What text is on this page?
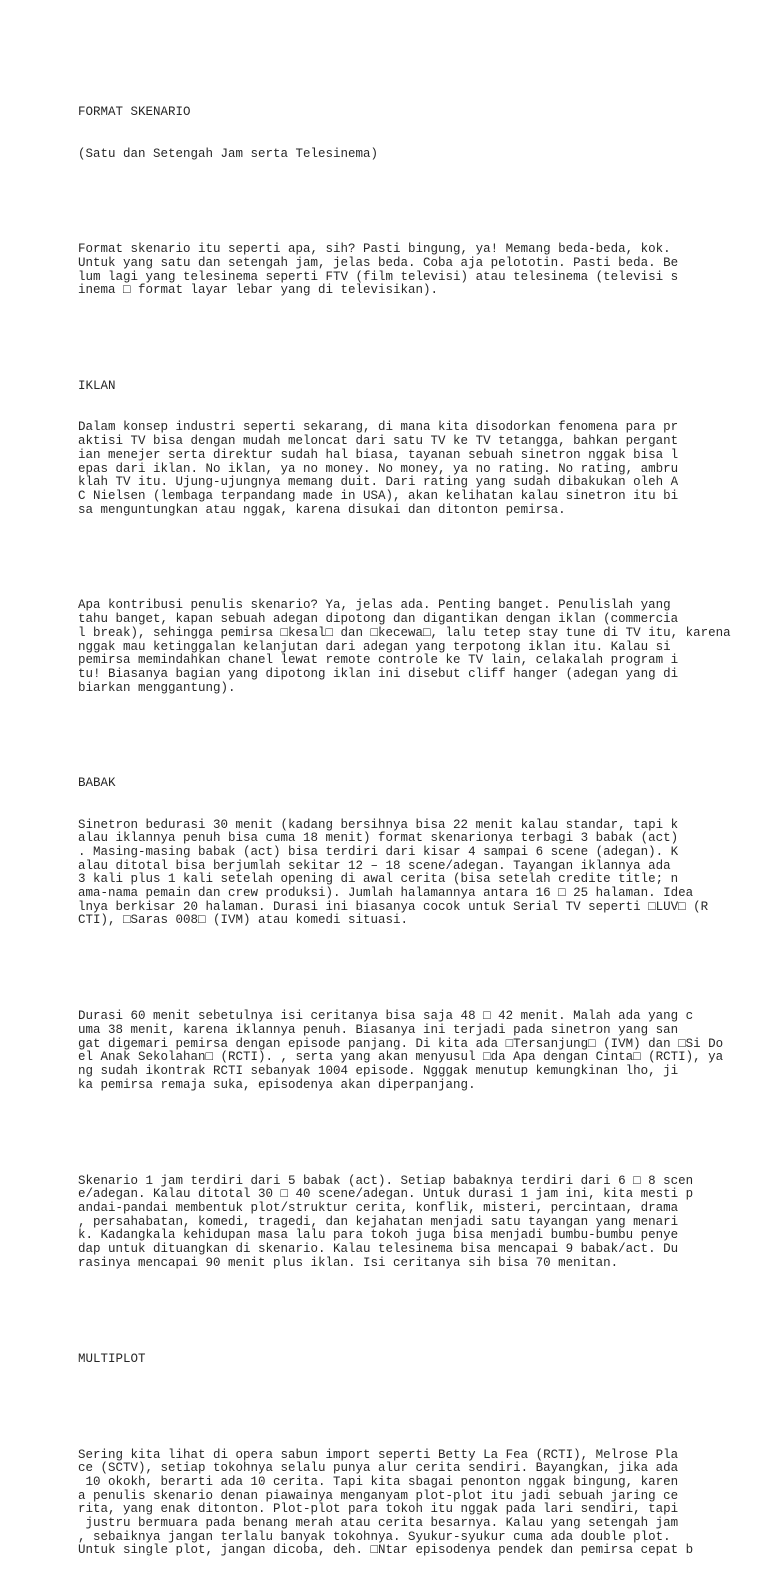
FORMAT SKENARIO

(Satu dan Setengah Jam serta Telesinema)

Format skenario itu seperti apa, sih? Pasti bingung, ya! Memang beda-beda, kok.
Untuk yang satu dan setengah jam, jelas beda. Coba aja pelototin. Pasti beda. Be
lum lagi yang telesinema seperti FTV (film televisi) atau telesinema (televisi s
inema □ format layar lebar yang di televisikan).

IKLAN

Dalam konsep industri seperti sekarang, di mana kita disodorkan fenomena para pr
aktisi TV bisa dengan mudah meloncat dari satu TV ke TV tetangga, bahkan pergant
ian menejer serta direktur sudah hal biasa, tayanan sebuah sinetron nggak bisa l
epas dari iklan. No iklan, ya no money. No money, ya no rating. No rating, ambru
klah TV itu. Ujung-ujungnya memang duit. Dari rating yang sudah dibakukan oleh A
C Nielsen (lembaga terpandang made in USA), akan kelihatan kalau sinetron itu bi
sa menguntungkan atau nggak, karena disukai dan ditonton pemirsa.

Apa kontribusi penulis skenario? Ya, jelas ada. Penting banget. Penulislah yang
tahu banget, kapan sebuah adegan dipotong dan digantikan dengan iklan (commercia
l break), sehingga pemirsa □kesal□ dan □kecewa□, lalu tetep stay tune di TV itu, karena
nggak mau ketinggalan kelanjutan dari adegan yang terpotong iklan itu. Kalau si
pemirsa memindahkan chanel lewat remote controle ke TV lain, celakalah program i
tu! Biasanya bagian yang dipotong iklan ini disebut cliff hanger (adegan yang di
biarkan menggantung).

BABAK

Sinetron bedurasi 30 menit (kadang bersihnya bisa 22 menit kalau standar, tapi k
alau iklannya penuh bisa cuma 18 menit) format skenarionya terbagi 3 babak (act)
. Masing-masing babak (act) bisa terdiri dari kisar 4 sampai 6 scene (adegan). K
alau ditotal bisa berjumlah sekitar 12 – 18 scene/adegan. Tayangan iklannya ada
3 kali plus 1 kali setelah opening di awal cerita (bisa setelah credite title; n
ama-nama pemain dan crew produksi). Jumlah halamannya antara 16 □ 25 halaman. Idea
lnya berkisar 20 halaman. Durasi ini biasanya cocok untuk Serial TV seperti □LUV□ (R
CTI), □Saras 008□ (IVM) atau komedi situasi.

Durasi 60 menit sebetulnya isi ceritanya bisa saja 48 □ 42 menit. Malah ada yang c
uma 38 menit, karena iklannya penuh. Biasanya ini terjadi pada sinetron yang san
gat digemari pemirsa dengan episode panjang. Di kita ada □Tersanjung□ (IVM) dan □Si Do
el Anak Sekolahan□ (RCTI). , serta yang akan menyusul □da Apa dengan Cinta□ (RCTI), ya
ng sudah ikontrak RCTI sebanyak 1004 episode. Ngggak menutup kemungkinan lho, ji
ka pemirsa remaja suka, episodenya akan diperpanjang.

Skenario 1 jam terdiri dari 5 babak (act). Setiap babaknya terdiri dari 6 □ 8 scen
e/adegan. Kalau ditotal 30 □ 40 scene/adegan. Untuk durasi 1 jam ini, kita mesti p
andai-pandai membentuk plot/struktur cerita, konflik, misteri, percintaan, drama
, persahabatan, komedi, tragedi, dan kejahatan menjadi satu tayangan yang menari
k. Kadangkala kehidupan masa lalu para tokoh juga bisa menjadi bumbu-bumbu penye
dap untuk dituangkan di skenario. Kalau telesinema bisa mencapai 9 babak/act. Du
rasinya mencapai 90 menit plus iklan. Isi ceritanya sih bisa 70 menitan.

MULTIPLOT

Sering kita lihat di opera sabun import seperti Betty La Fea (RCTI), Melrose Pla
ce (SCTV), setiap tokohnya selalu punya alur cerita sendiri. Bayangkan, jika ada
10 okokh, berarti ada 10 cerita. Tapi kita sbagai penonton nggak bingung, karen
a penulis skenario denan piawainya menganyam plot-plot itu jadi sebuah jaring ce
rita, yang enak ditonton. Plot-plot para tokoh itu nggak pada lari sendiri, tapi
justru bermuara pada benang merah atau cerita besarnya. Kalau yang setengah jam
, sebaiknya jangan terlalu banyak tokohnya. Syukur-syukur cuma ada double plot.
Untuk single plot, jangan dicoba, deh. □Ntar episodenya pendek dan pemirsa cepat b
